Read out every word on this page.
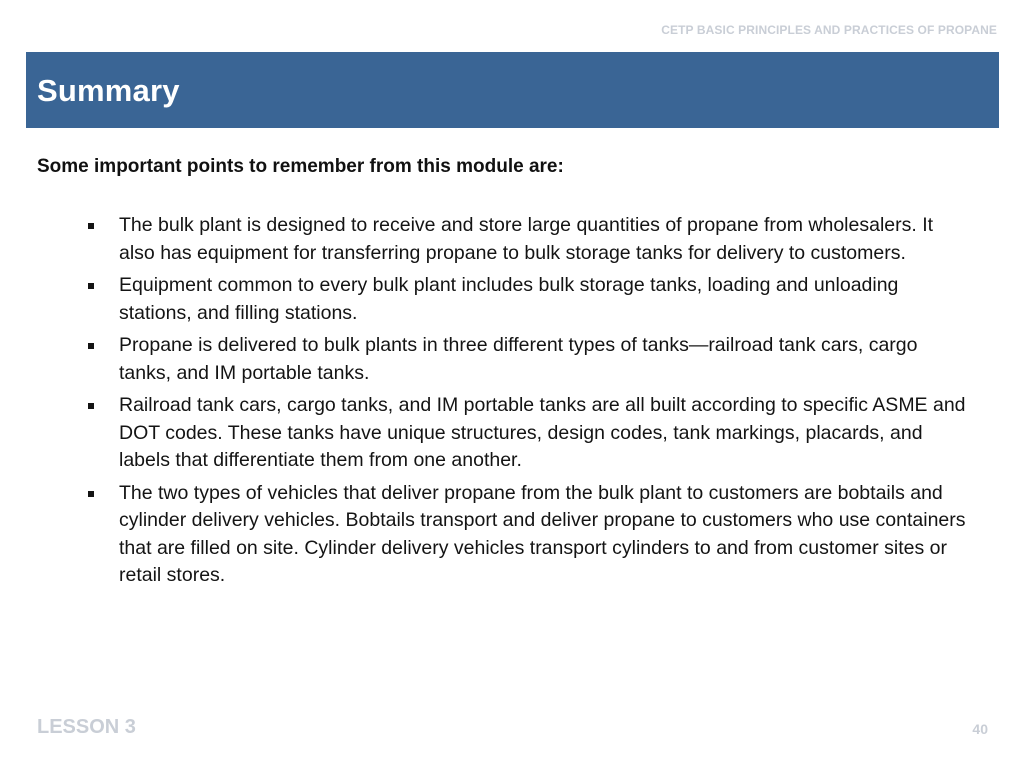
CETP BASIC PRINCIPLES AND PRACTICES OF PROPANE
Summary
Some important points to remember from this module are:
The bulk plant is designed to receive and store large quantities of propane from wholesalers. It also has equipment for transferring propane to bulk storage tanks for delivery to customers.
Equipment common to every bulk plant includes bulk storage tanks, loading and unloading stations, and filling stations.
Propane is delivered to bulk plants in three different types of tanks—railroad tank cars, cargo tanks, and IM portable tanks.
Railroad tank cars, cargo tanks, and IM portable tanks are all built according to specific ASME and DOT codes. These tanks have unique structures, design codes, tank markings, placards, and labels that differentiate them from one another.
The two types of vehicles that deliver propane from the bulk plant to customers are bobtails and cylinder delivery vehicles. Bobtails transport and deliver propane to customers who use containers that are filled on site. Cylinder delivery vehicles transport cylinders to and from customer sites or retail stores.
LESSON 3	40
